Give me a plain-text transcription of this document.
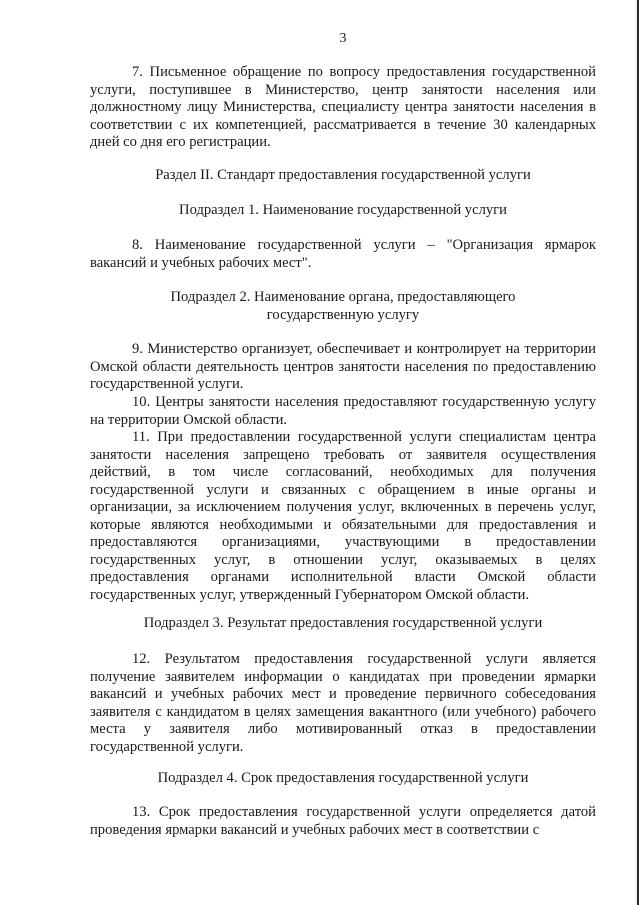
3

7. Письменное обращение по вопросу предоставления государственной услуги, поступившее в Министерство, центр занятости населения или должностному лицу Министерства, специалисту центра занятости населения в соответствии с их компетенцией, рассматривается в течение 30 календарных дней со дня его регистрации.

Раздел II. Стандарт предоставления государственной услуги

Подраздел 1. Наименование государственной услуги

8. Наименование государственной услуги – "Организация ярмарок вакансий и учебных рабочих мест".

Подраздел 2. Наименование органа, предоставляющего
государственную услугу

9. Министерство организует, обеспечивает и контролирует на территории Омской области деятельность центров занятости населения по предоставлению государственной услуги.

10. Центры занятости населения предоставляют государственную услугу на территории Омской области.

11. При предоставлении государственной услуги специалистам центра занятости населения запрещено требовать от заявителя осуществления действий, в том числе согласований, необходимых для получения государственной услуги и связанных с обращением в иные органы и организации, за исключением получения услуг, включенных в перечень услуг, которые являются необходимыми и обязательными для предоставления и предоставляются организациями, участвующими в предоставлении государственных услуг, в отношении услуг, оказываемых в целях предоставления органами исполнительной власти Омской области государственных услуг, утвержденный Губернатором Омской области.

Подраздел 3. Результат предоставления государственной услуги

12. Результатом предоставления государственной услуги является получение заявителем информации о кандидатах при проведении ярмарки вакансий и учебных рабочих мест и проведение первичного собеседования заявителя с кандидатом в целях замещения вакантного (или учебного) рабочего места у заявителя либо мотивированный отказ в предоставлении государственной услуги.

Подраздел 4. Срок предоставления государственной услуги

13. Срок предоставления государственной услуги определяется датой проведения ярмарки вакансий и учебных рабочих мест в соответствии с
